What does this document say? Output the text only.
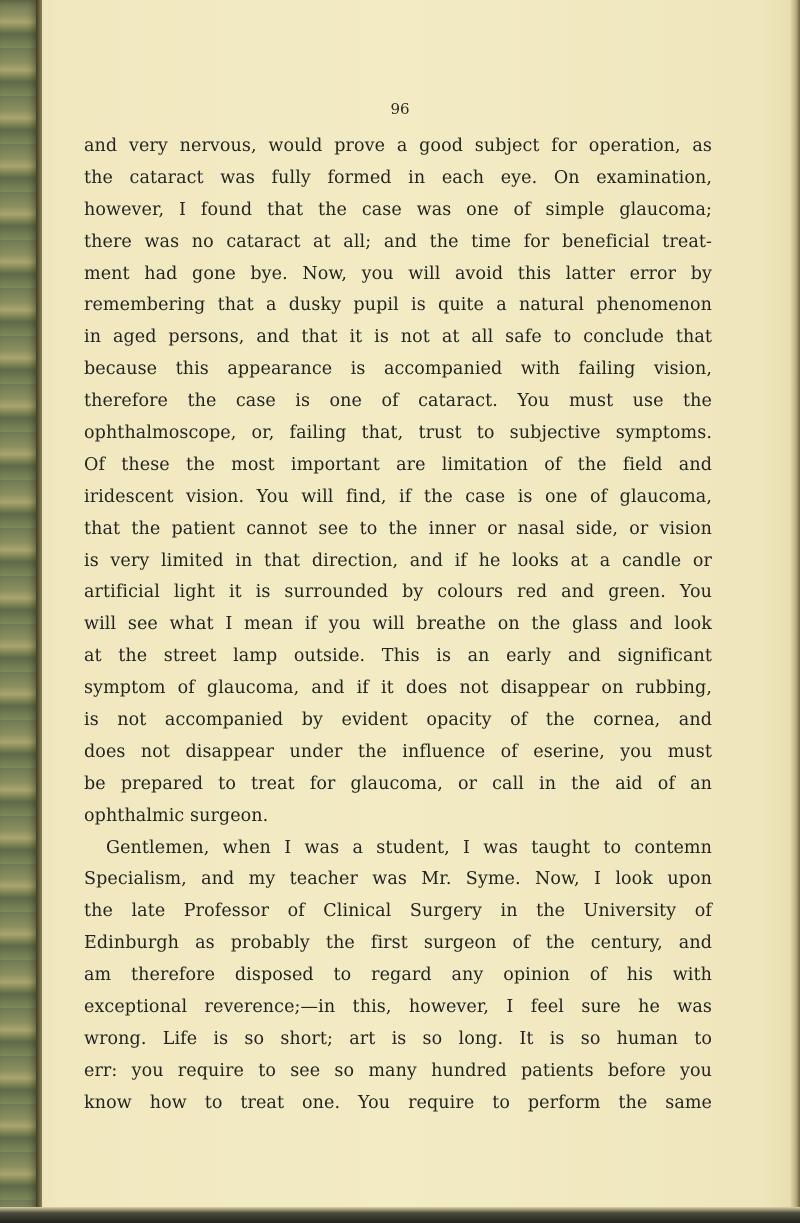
96
and very nervous, would prove a good subject for operation, as
the cataract was fully formed in each eye. On examination,
however, I found that the case was one of simple glaucoma;
there was no cataract at all; and the time for beneficial treat-
ment had gone bye. Now, you will avoid this latter error by
remembering that a dusky pupil is quite a natural phenomenon
in aged persons, and that it is not at all safe to conclude that
because this appearance is accompanied with failing vision,
therefore the case is one of cataract. You must use the
ophthalmoscope, or, failing that, trust to subjective symptoms.
Of these the most important are limitation of the field and
iridescent vision. You will find, if the case is one of glaucoma,
that the patient cannot see to the inner or nasal side, or vision
is very limited in that direction, and if he looks at a candle or
artificial light it is surrounded by colours red and green. You
will see what I mean if you will breathe on the glass and look
at the street lamp outside. This is an early and significant
symptom of glaucoma, and if it does not disappear on rubbing,
is not accompanied by evident opacity of the cornea, and
does not disappear under the influence of eserine, you must
be prepared to treat for glaucoma, or call in the aid of an
ophthalmic surgeon.
Gentlemen, when I was a student, I was taught to contemn
Specialism, and my teacher was Mr. Syme. Now, I look upon
the late Professor of Clinical Surgery in the University of
Edinburgh as probably the first surgeon of the century, and
am therefore disposed to regard any opinion of his with
exceptional reverence;—in this, however, I feel sure he was
wrong. Life is so short; art is so long. It is so human to
err: you require to see so many hundred patients before you
know how to treat one. You require to perform the same
